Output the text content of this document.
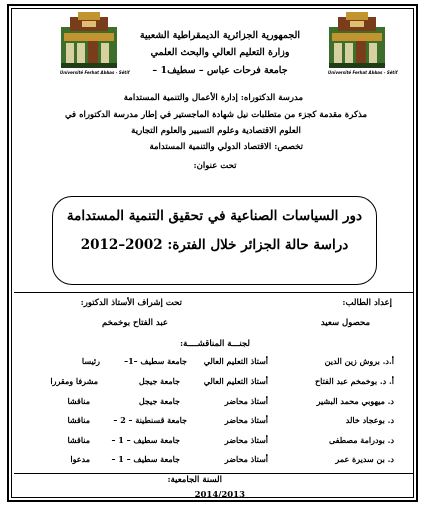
Université Ferhat Abbas - Sétif	Université Ferhat Abbas - Sétif
الجمهورية الجزائرية الديمقراطية الشعبية
وزارة التعليم العالي والبحث العلمي
جامعة فرحات عباس – سطيف1 –
مدرسة الدكتوراه: إدارة الأعمال والتنمية المستدامة
مذكرة مقدمة كجزء من متطلبات نيل شهادة الماجستير في إطار مدرسة الدكتوراه في
العلوم الاقتصادية وعلوم التسيير والعلوم التجارية
تخصص: الاقتصاد الدولي والتنمية المستدامة
تحت عنوان:
دور السياسات الصناعية في تحقيق التنمية المستدامة
دراسة حالة الجزائر خلال الفترة: 2002–2012
إعداد الطالب:
تحت إشراف الأستاذ الدكتور:
محصول سعيد
عبد الفتاح بوخمخم
لجنـــة المناقشــــة:
أ.د. بروش زين الدين
أستاذ التعليم العالي
جامعة سطيف –1–
رئيسا
أ. د. بوخمخم عبد الفتاح
أستاذ التعليم العالي
جامعة جيجل
مشرفا ومقررا
د. ميهوبي محمد البشير
أستاذ محاضر
جامعة جيجل
مناقشا
د. بوعجاد خالد
أستاذ محاضر
جامعة قسنطينة – 2 –
مناقشا
د. بودرامة مصطفى
أستاذ محاضر
جامعة سطيف – 1 –
مناقشا
د. بن سديرة عمر
أستاذ محاضر
جامعة سطيف – 1 –
مدعوا
السنة الجامعية:
2014/2013
